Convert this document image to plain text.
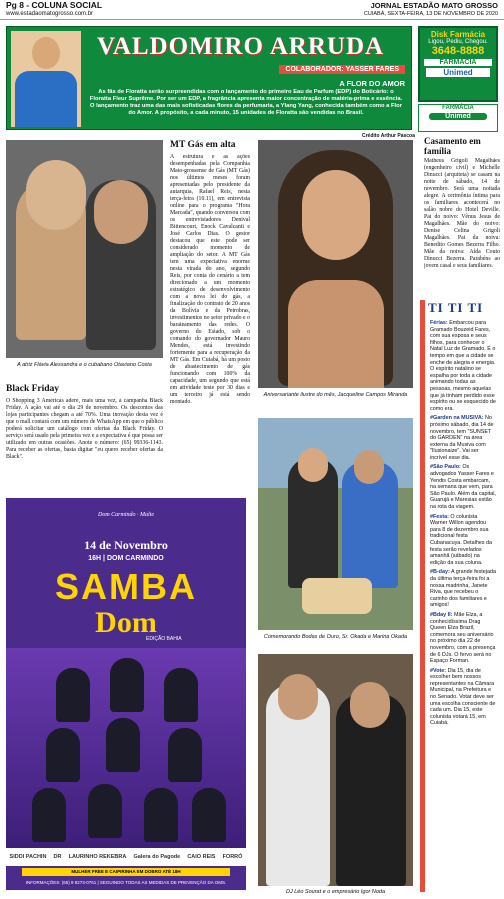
Pg 8 - COLUNA SOCIAL
www.estadaomatogrosso.com.br
JORNAL ESTADÃO MATO GROSSO
CUIABÁ, SEXTA-FEIRA, 13 DE NOVEMBRO DE 2020
VALDOMIRO ARRUDA
COLABORADOR: YASSER FARES
A FLOR DO AMOR
As fãs de Floratta serão surpreendidas com o lançamento do primeiro Eau de Parfum (EDP) do Boticário: o Floratta Fleur Suprême. Por ser um EDP, a fragrância apresenta maior concentração de matéria-prima e essência. O lançamento traz uma das mais sofisticadas flores da perfumaria, a Ylang Yang, conhecida também como a Flor do Amor. A propósito, a cada minuto, 15 unidades de Floratta são vendidas no Brasil.
Disk Farmácia
Ligou, Pediu, Chegou.
3648-8888
FARMÁCIA
Unimed
Crédito Arthur Pascoa
A atriz Flávia Alessandra e o cubabano Otaviano Costa
MT Gás em alta
A estrutura e as ações desempenhadas pela Companhia Mato-grossense de Gás (MT Gás) nos últimos meses foram apresentadas pelo presidente da autarquia, Rafael Reis, nesta terça-feira (10.11), em entrevista online para o programa "Hora Marcada", quando conversou com os entrevistadores Denival Bittencourt, Enock Cavalcanti e José Carlos Dias. O gestor destacou que este pode ser considerado momento de ampliação do setor. A MT Gás tem uma expectativa enorme nesta virada do ano, segundo Reis, por conta do cenário a tem direcionado a um momento estratégico de desenvolvimento com a nova lei do gás, a finalização do contrato de 20 anos da Bolívia e da Petrobras, investimentos no setor privado e o barateamento das redes. O governo do Estado, sob o comando do governador Mauro Mendes, está investindo fortemente para a recuperação da MT Gás. Em Cuiabá, há um posto de abastecimento de gás funcionando com 100% da capacidade, um segundo que está em atividade teste por 30 dias e um terceiro já está sendo montado.
Aniversariante ilustre do mês, Jacqueline Campos Miranda
Black Friday
O Shopping 3 Américas adere, mais uma vez, à campanha Black Friday. A ação vai até o dia 29 de novembro. Os descontos das lojas participantes chegam a até 70%. Uma inovação desta vez é que o mall contará com um número de WhatsApp em que o público poderá solicitar um catálogo com ofertas da Black Friday. O serviço será usado pela primeira vez e a expectativa é que possa ser utilizado em outras ocasiões. Anote o número: (65) 99336-1143. Para receber as ofertas, basta digitar "eu quero receber ofertas da Black".
Dom Carmindo · Malte
14 de Novembro
16H | DOM CARMINDO
SAMBA
Dom
EDIÇÃO BAHIA
SIDDI PACHIN DR LAURINHO REKEBRA Galera do Pagode CAIO REIS FORRÓ
MULHER FREE E CAIPIRINHA EM DOBRO ATÉ 18H
INFORMAÇÕES: (65) 9 9273-0761 | SEGUINDO TODAS AS MEDIDAS DE PREVENÇÃO DA OMS.
Comemorando Bodas de Ouro, Sr. Okada e Marina Okada
DJ Léo Sourat e o empresário Igor Noda
FARMÁCIA
Unimed
Casamento em família
Matheus Grigoli Magalhães (engenheiro civil) e Michelle Dinucci (arquiteta) se casam na noite de sábado, 14 de novembro. Será uma noitada alegre. A cerimônia íntima para os familiares acontecerá no salão nobre do Hotel Deville. Pai do noivo: Vênus Jesus de Magalhães. Mãe do noivo: Denise Celina Grigoli Magalhães. Pai da noiva: Benedito Gomes Bezerra Filho. Mãe da noiva: Aída Couto Dinucci Bezerra. Parabéns ao jovem casal e seus familiares.
TI TI TI

Férias: Embarcou para Gramado Bouzeid Fares, com sua esposa e seus filhos, para conhecer o Natal Luz de Gramado. É o tempo em que a cidade se enche de alegria e energia. O espírito natalino se espalha por toda a cidade animando todas as pessoas, mesmo aquelas que já tinham perdido esse espírito ou se esquecido de como era.

#Garden na MUSIVA: No próximo sábado, dia 14 de novembro, tem "SUNSET do GARDEN" na área externa da Musiva com "Ilusionaize". Vai ser incrível esse dia.

#São Paulo: Os advogados Yasser Fares e Yendis Costa embarcam, na semana que vem, para São Paulo. Além da capital, Guarujá e Maresias estão na rota da viagem.

#Festa: O colunista Warner Willon agendou para 8 de dezembro sua tradicional festa Cubanacuya. Detalhes da festa serão revelados amanhã (sábado) na edição da sua coluna.

#B-day: A grande festejada da última terça-feira foi a nossa madrinha, Janete Riva, que recebeu o carinho dos familiares e amigos!

#Bday II: Mãe Elza, a conhecidíssima Drag Queen Elza Brazil, comemora seu aniversário no próximo dia 22 de novembro, com a presença de 6 DJs. O fervo será no Espaço Forman.

#Vote: Dia 15, dia de escolher bem nossos representantes na Câmara Municipal, na Prefeitura e no Senado. Votar deve ser uma escolha consciente de cada um. Dia 15, este colunista votará 15, em Cuiabá.
